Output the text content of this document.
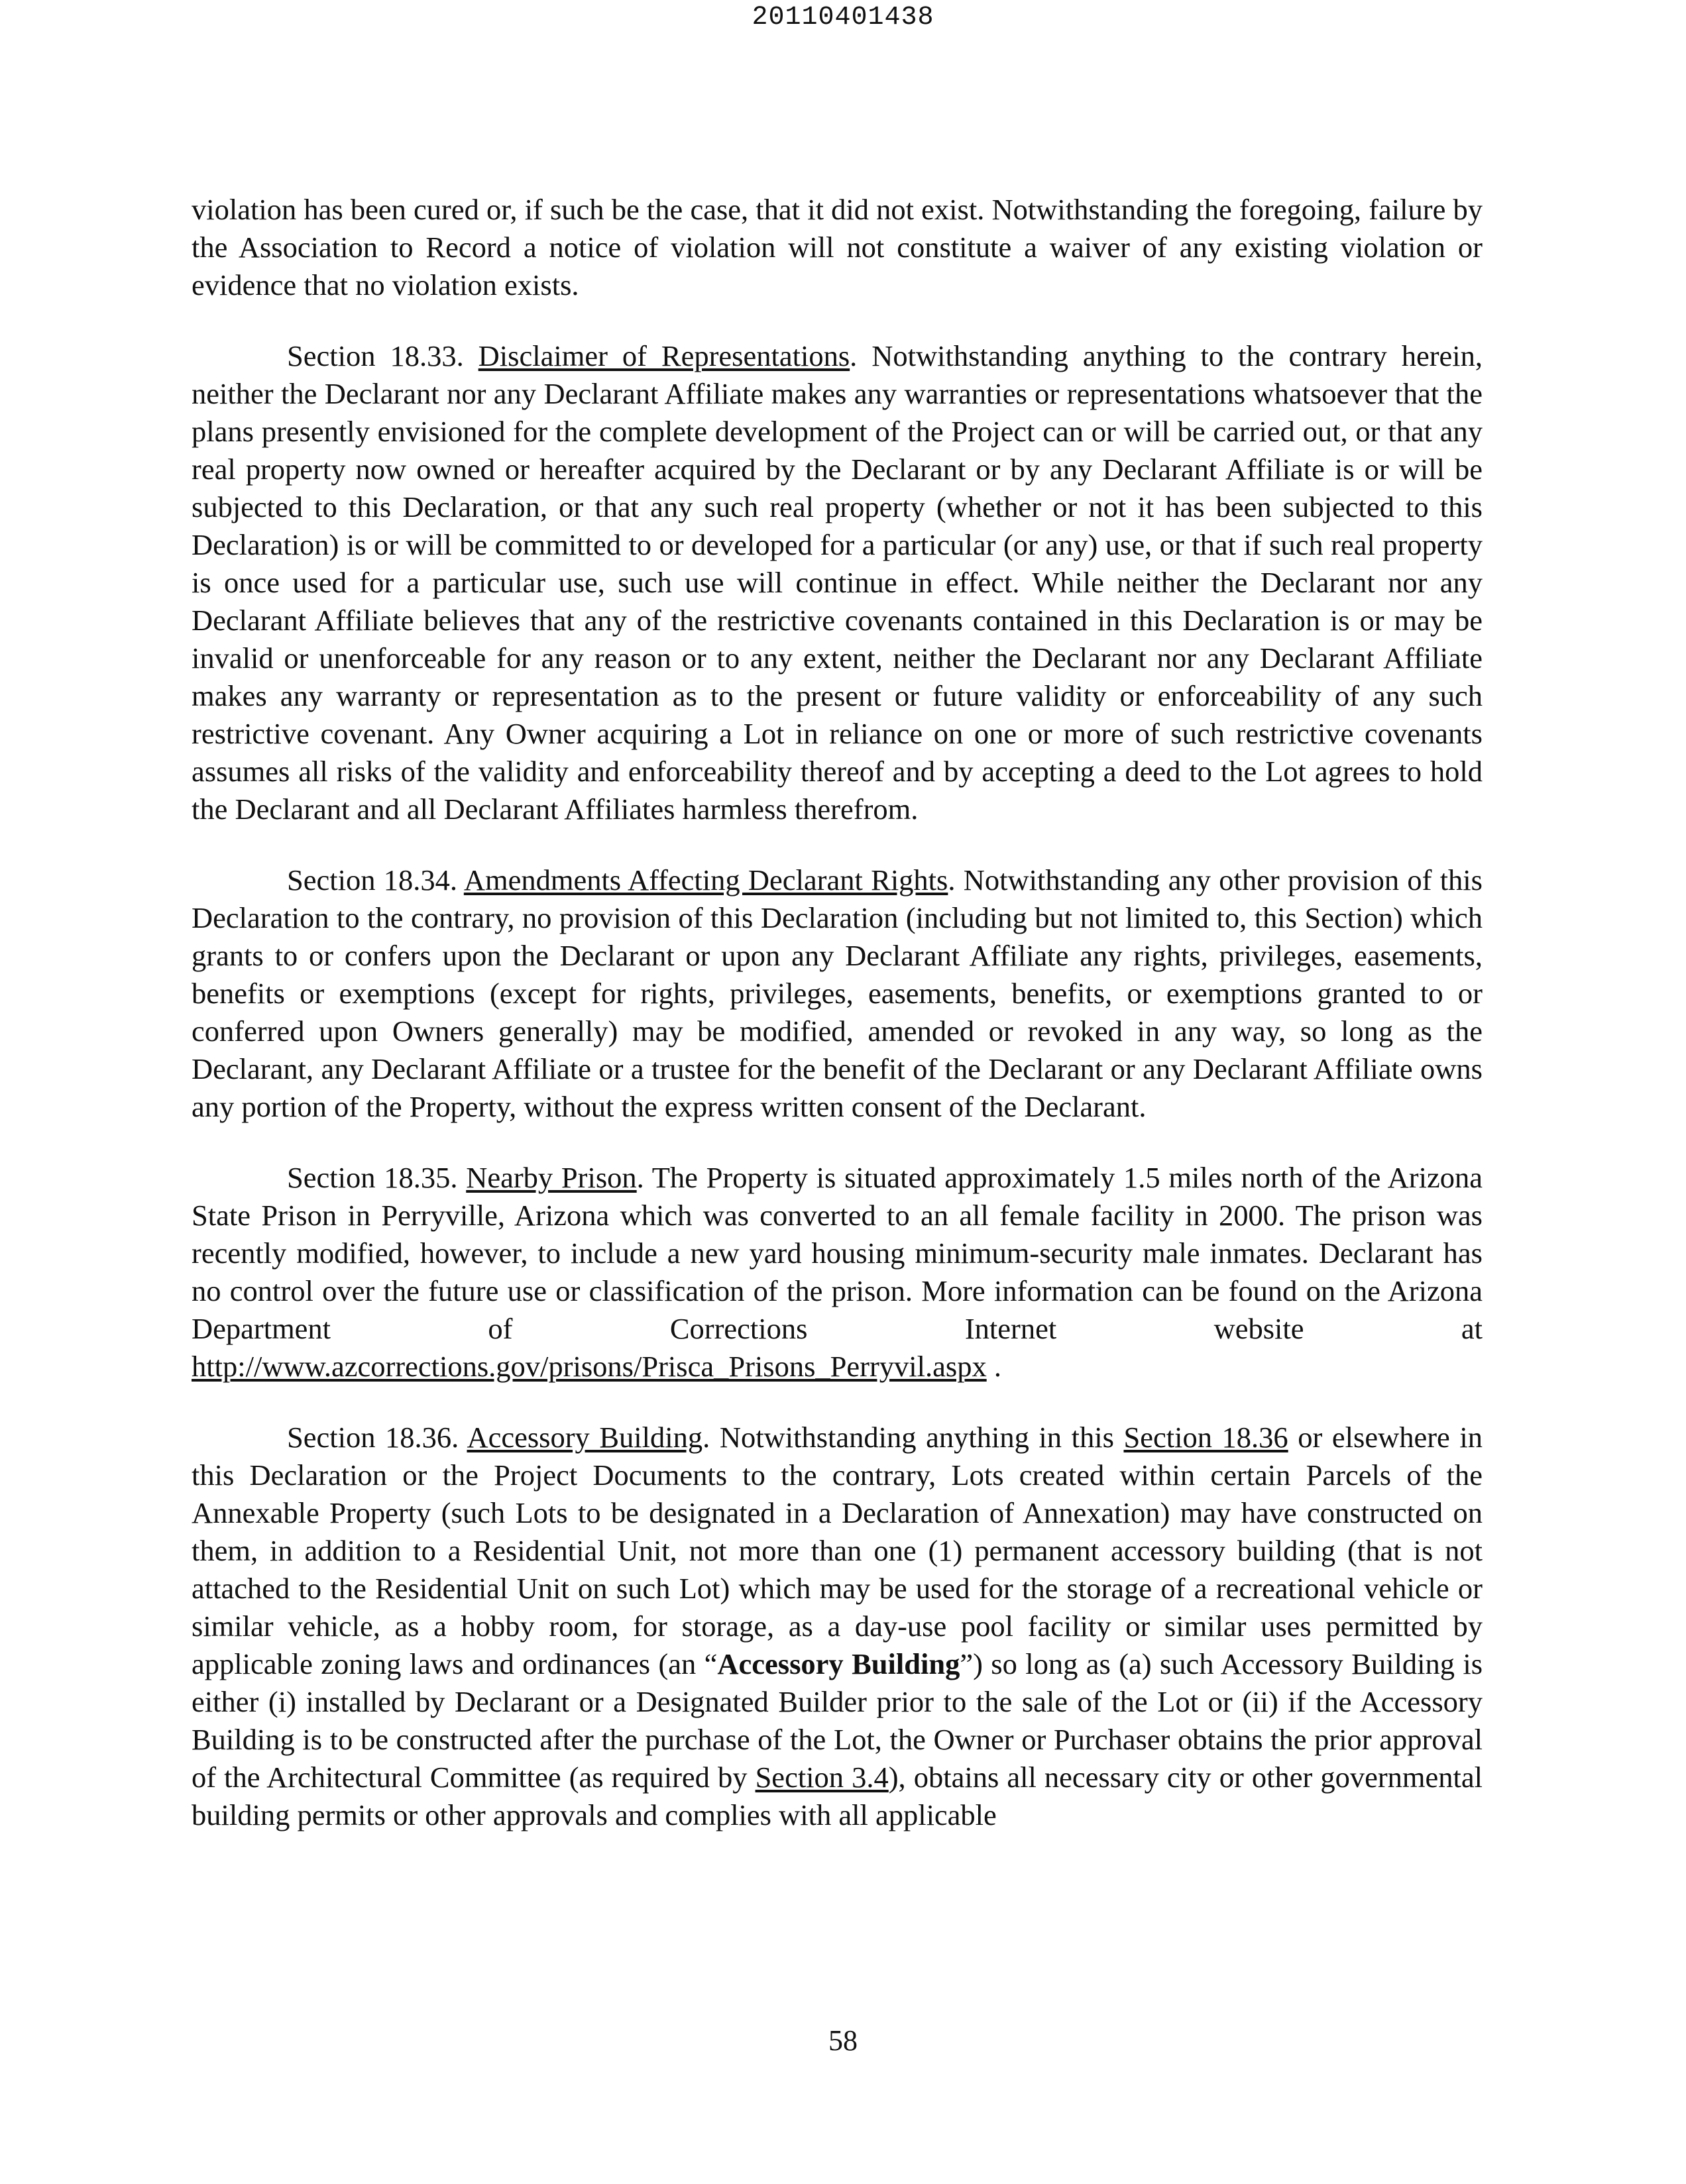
20110401438

violation has been cured or, if such be the case, that it did not exist. Notwithstanding the foregoing, failure by the Association to Record a notice of violation will not constitute a waiver of any existing violation or evidence that no violation exists.

Section 18.33. Disclaimer of Representations. Notwithstanding anything to the contrary herein, neither the Declarant nor any Declarant Affiliate makes any warranties or representations whatsoever that the plans presently envisioned for the complete development of the Project can or will be carried out, or that any real property now owned or hereafter acquired by the Declarant or by any Declarant Affiliate is or will be subjected to this Declaration, or that any such real property (whether or not it has been subjected to this Declaration) is or will be committed to or developed for a particular (or any) use, or that if such real property is once used for a particular use, such use will continue in effect. While neither the Declarant nor any Declarant Affiliate believes that any of the restrictive covenants contained in this Declaration is or may be invalid or unenforceable for any reason or to any extent, neither the Declarant nor any Declarant Affiliate makes any warranty or representation as to the present or future validity or enforceability of any such restrictive covenant. Any Owner acquiring a Lot in reliance on one or more of such restrictive covenants assumes all risks of the validity and enforceability thereof and by accepting a deed to the Lot agrees to hold the Declarant and all Declarant Affiliates harmless therefrom.

Section 18.34. Amendments Affecting Declarant Rights. Notwithstanding any other provision of this Declaration to the contrary, no provision of this Declaration (including but not limited to, this Section) which grants to or confers upon the Declarant or upon any Declarant Affiliate any rights, privileges, easements, benefits or exemptions (except for rights, privileges, easements, benefits, or exemptions granted to or conferred upon Owners generally) may be modified, amended or revoked in any way, so long as the Declarant, any Declarant Affiliate or a trustee for the benefit of the Declarant or any Declarant Affiliate owns any portion of the Property, without the express written consent of the Declarant.

Section 18.35. Nearby Prison. The Property is situated approximately 1.5 miles north of the Arizona State Prison in Perryville, Arizona which was converted to an all female facility in 2000. The prison was recently modified, however, to include a new yard housing minimum-security male inmates. Declarant has no control over the future use or classification of the prison. More information can be found on the Arizona Department of Corrections Internet website at http://www.azcorrections.gov/prisons/Prisca_Prisons_Perryvil.aspx .

Section 18.36. Accessory Building. Notwithstanding anything in this Section 18.36 or elsewhere in this Declaration or the Project Documents to the contrary, Lots created within certain Parcels of the Annexable Property (such Lots to be designated in a Declaration of Annexation) may have constructed on them, in addition to a Residential Unit, not more than one (1) permanent accessory building (that is not attached to the Residential Unit on such Lot) which may be used for the storage of a recreational vehicle or similar vehicle, as a hobby room, for storage, as a day-use pool facility or similar uses permitted by applicable zoning laws and ordinances (an “Accessory Building”) so long as (a) such Accessory Building is either (i) installed by Declarant or a Designated Builder prior to the sale of the Lot or (ii) if the Accessory Building is to be constructed after the purchase of the Lot, the Owner or Purchaser obtains the prior approval of the Architectural Committee (as required by Section 3.4), obtains all necessary city or other governmental building permits or other approvals and complies with all applicable

58
